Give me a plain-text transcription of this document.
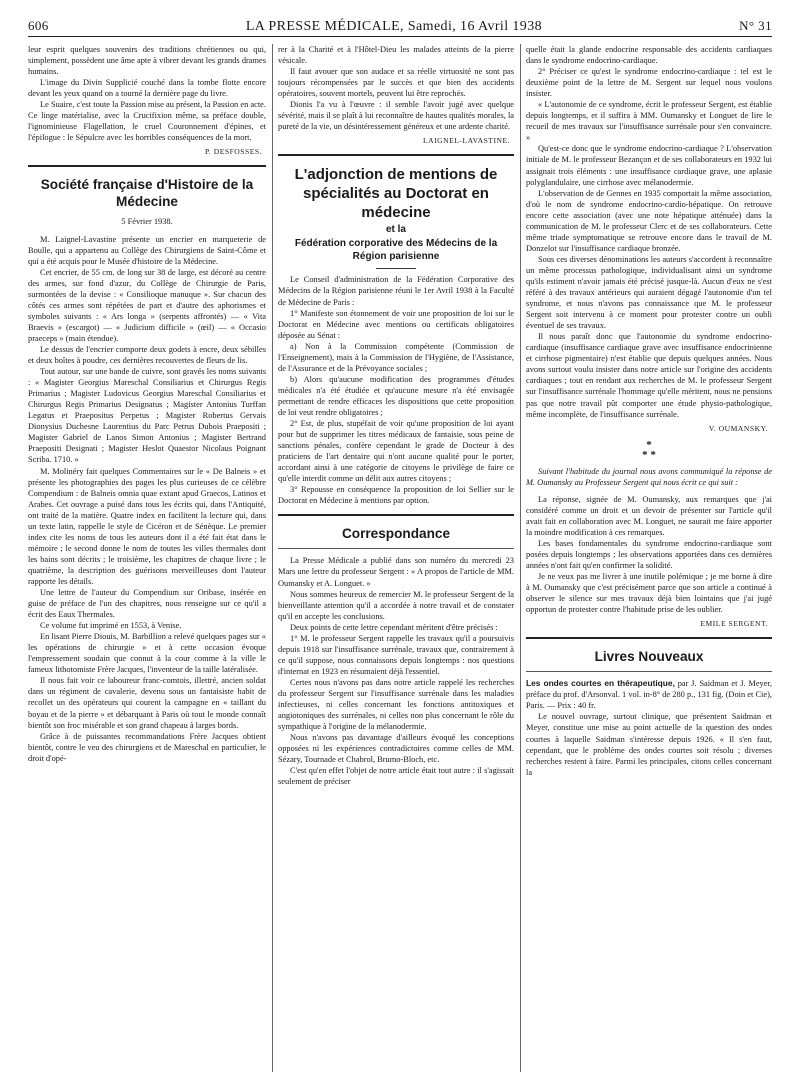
606	LA PRESSE MÉDICALE, Samedi, 16 Avril 1938	N° 31

leur esprit quelques souvenirs des traditions chrétiennes ou qui, simplement, possèdent une âme apte à vibrer devant les grands drames humains.

L'image du Divin Supplicié couché dans la tombe flotte encore devant les yeux quand on a tourné la dernière page du livre.

Le Suaire, c'est toute la Passion mise au présent, la Passion en acte. Ce linge matérialise, avec la Crucifixion même, sa préface double, l'ignominieuse Flagellation, le cruel Couronnement d'épines, et l'épilogue : le Sépulcre avec les horribles conséquences de la mort.

P. DESFOSSES.
Société française d'Histoire de la Médecine
5 Février 1938.

M. Laignel-Lavastine présente un encrier en marqueterie de Boulle, qui a appartenu au Collège des Chirurgiens de Saint-Côme et qui a été acquis pour le Musée d'histoire de la Médecine.

Cet encrier, de 55 cm. de long sur 38 de large, est décoré au centre des armes, sur fond d'azur, du Collège de Chirurgie de Paris, surmontées de la devise : « Consilioque manuque ». Sur chacun des côtés ces armes sont répétées de part et d'autre des aphorismes et symboles suivants : « Ars longa » (serpents affrontés) — « Vita Braevis » (escargot) — « Judicium difficile » (œil) — « Occasio praeceps » (main étendue).

Le dessus de l'encrier comporte deux godets à encre, deux sébilles et deux boîtes à poudre, ces dernières recouvertes de fleurs de lis.

Tout autour, sur une bande de cuivre, sont gravés les noms suivants : « Magister Georgius Mareschal Consiliarius et Chirurgus Regis Primarius ; Magister Ludovicus Georgius Mareschal Consiliarius et Chirurgus Regis Primarius Designatus ; Magister Antonius Turffan Legatus et Praepositus Perpetus ; Magister Robertus Gervais Dionysius Duchesne Laurentius du Parc Petrus Dubois Praepositi ; Magister Gabriel de Lanos Simon Antonius ; Magister Bertrand Praepositi Designati ; Magister Heslot Quaestor Nicolaus Poignant Scriba. 1710. »

M. Molinéry fait quelques Commentaires sur le « De Balneis » et présente les photographies des pages les plus curieuses de ce célèbre Compendium : de Balneis omnia quae extant apud Graecos, Latinos et Arabes. Cet ouvrage a puisé dans tous les écrits qui, dans l'Antiquité, ont traité de la matière. Quatre index en facilitent la lecture qui, dans un texte latin, rappelle le style de Cicéron et de Sénèque. Le premier index cite les noms de tous les auteurs dont il a été fait état dans le mémoire ; le second donne le nom de toutes les villes thermales dont les bains sont décrits ; le troisième, les chapitres de chaque livre ; le quatrième, la description des guérisons merveilleuses dont l'auteur rapporte les détails.

Une lettre de l'auteur du Compendium sur Oribase, insérée en guise de préface de l'un des chapitres, nous renseigne sur ce qu'il a écrit des Eaux Thermales.

Ce volume fut imprimé en 1553, à Venise.

En lisant Pierre Diouis, M. Barbillion a relevé quelques pages sur « les opérations de chirurgie » et à cette occasion évoque l'empressement soudain que connut à la cour comme à la ville le fameux lithotomiste Frère Jacques, l'inventeur de la taille latéralisée.

Il nous fait voir ce laboureur franc-comtois, illettré, ancien soldat dans un régiment de cavalerie, devenu sous un fantaisiste habit de recollet un des opérateurs qui courent la campagne en « taillant du boyau et de la pierre » et débarquant à Paris où tout le monde connaît bientôt son froc misérable et son grand chapeau à larges bords.

Grâce à de puissantes recommandations Frère Jacques obtient bientôt, contre le veu des chirurgiens et de Mareschal en particulier, le droit d'opé-

rer à la Charité et à l'Hôtel-Dieu les malades atteints de la pierre vésicale.

Il faut avouer que son audace et sa réelle virtuosité ne sont pas toujours récompensées par le succès et que bien des accidents opératoires, souvent mortels, peuvent lui être reprochés.

Dionis l'a vu à l'œuvre : il semble l'avoir jugé avec quelque sévérité, mais il se plaît à lui reconnaître de hautes qualités morales, la pureté de la vie, un désintéressement généreux et une ardente charité.

LAIGNEL-LAVASTINE.
L'adjonction de mentions de spécialités au Doctorat en médecine
et la
Fédération corporative des Médecins de la Région parisienne

Le Conseil d'administration de la Fédération Corporative des Médecins de la Région parisienne réuni le 1er Avril 1938 à la Faculté de Médecine de Paris :

1° Manifeste son étonnement de voir une proposition de loi sur le Doctorat en Médecine avec mentions ou certificats obligatoires déposée au Sénat :

a) Non à la Commission compétente (Commission de l'Enseignement), mais à la Commission de l'Hygiène, de l'Assistance, de l'Assurance et de la Prévoyance sociales ;

b) Alors qu'aucune modification des programmes d'études médicales n'a été étudiée et qu'aucune mesure n'a été envisagée permettant de rendre efficaces les dispositions que cette proposition de loi veut rendre obligatoires ;

2° Est, de plus, stupéfait de voir qu'une proposition de loi ayant pour but de supprimer les titres médicaux de fantaisie, sous peine de sanctions pénales, confère cependant le grade de Docteur à des praticiens de l'art dentaire qui n'ont aucune qualité pour le porter, accordant ainsi à une catégorie de citoyens le privilège de faire ce qu'elle interdit comme un délit aux autres citoyens ;

3° Repousse en conséquence la proposition de loi Sellier sur le Doctorat en Médecine à mentions par option.

Correspondance

La Presse Médicale a publié dans son numéro du mercredi 23 Mars une lettre du professeur Sergent : « A propos de l'article de MM. Oumansky et A. Longuet. »

Nous sommes heureux de remercier M. le professeur Sergent de la bienveillante attention qu'il a accordée à notre travail et de constater qu'il en accepte les conclusions.

Deux points de cette lettre cependant méritent d'être précisés :

1° M. le professeur Sergent rappelle les travaux qu'il a poursuivis depuis 1918 sur l'insuffisance surrénale, travaux que, contrairement à ce qu'il suppose, nous connaissons depuis longtemps : nos questions d'internat en 1923 en résumaient déjà l'essentiel.

Certes nous n'avons pas dans notre article rappelé les recherches du professeur Sergent sur l'insuffisance surrénale dans les maladies infectieuses, ni celles concernant les fonctions antitoxiques et angiotoniques des surrénales, ni celles non plus concernant le rôle du sympathique à l'origine de la mélanodermie.

Nous n'avons pas davantage d'ailleurs évoqué les conceptions opposées ni les expériences contradictoires comme celles de MM. Sézary, Tournade et Chabrol, Brumo-Bloch, etc.

C'est qu'en effet l'objet de notre article était tout autre : il s'agissait seulement de préciser

quelle était la glande endocrine responsable des accidents cardiaques dans le syndrome endocrino-cardiaque.

2° Préciser ce qu'est le syndrome endocrino-cardiaque : tel est le deuxième point de la lettre de M. Sergent sur lequel nous voulons insister.

« L'autonomie de ce syndrome, écrit le professeur Sergent, est établie depuis longtemps, et il suffira à MM. Oumansky et Longuet de lire le recueil de mes travaux sur l'insuffisance surrénale pour s'en convaincre. »

Qu'est-ce donc que le syndrome endocrino-cardiaque ? L'observation initiale de M. le professeur Bezançon et de ses collaborateurs en 1932 lui assignait trois éléments : une insuffisance cardiaque grave, une aplasie polyglandulaire, une cirrhose avec mélanodermie.

L'observation de de Gennes en 1935 comportait la même association, d'où le nom de syndrome endocrino-cardio-hépatique. On retrouve encore cette association (avec une note hépatique atténuée) dans la communication de M. le professeur Clerc et de ses collaborateurs. Cette même triade symptomatique se retrouve encore dans le travail de M. Donzelot sur l'insuffisance cardiaque bronzée.

Sous ces diverses dénominations les auteurs s'accordent à reconnaître un même processus pathologique, individualisant ainsi un syndrome qu'ils estiment n'avoir jamais été précisé jusque-là. Aucun d'eux ne s'est référé à des travaux antérieurs qui auraient dégagé l'autonomie d'un tel syndrome, et nous n'avons pas connaissance que M. le professeur Sergent soit intervenu à ce moment pour protester contre un oubli éventuel de ses travaux.

Il nous paraît donc que l'autonomie du syndrome endocrino-cardiaque (insuffisance cardiaque grave avec insuffisance endocrinienne et cirrhose pigmentaire) n'est établie que depuis quelques années. Nous avons surtout voulu insister dans notre article sur l'origine des accidents cardiaques ; tout en rendant aux recherches de M. le professeur Sergent sur l'insuffisance surrénale l'hommage qu'elle méritent, nous ne pensions pas que notre travail pût comporter une étude physio-pathologique, même incomplète, de l'insuffisance surrénale.

V. OUMANSKY.
*
* *

Suivant l'habitude du journal nous avons communiqué la réponse de M. Oumansky au Professeur Sergent qui nous écrit ce qui suit :

La réponse, signée de M. Oumansky, aux remarques que j'ai considéré comme un droit et un devoir de présenter sur l'article qu'il avait fait en collaboration avec M. Longuet, ne saurait me faire apporter la moindre modification à ces remarques.

Les bases fondamentales du syndrome endocrino-cardiaque sont posées depuis longtemps ; les observations apportées dans ces dernières années n'ont fait qu'en confirmer la solidité.

Je ne veux pas me livrer à une inutile polémique ; je me borne à dire à M. Oumansky que c'est précisément parce que son article a continué à observer le silence sur mes travaux déjà bien lointains que j'ai jugé opportun de protester contre l'habitude prise de les oublier.

EMILE SERGENT.
Livres Nouveaux

Les ondes courtes en thérapeutique, par J. Saidman et J. Meyer, préface du prof. d'Arsonval. 1 vol. in-8° de 280 p., 131 fig. (Doin et Cie), Paris. — Prix : 40 fr.

Le nouvel ouvrage, surtout clinique, que présentent Saidman et Meyer, constitue une mise au point actuelle de la question des ondes courtes à laquelle Saidman s'intéresse depuis 1926. « Il s'en faut, cependant, que le problème des ondes courtes soit résolu ; diverses recherches restent à faire. Parmi les principales, citons celles concernant la
